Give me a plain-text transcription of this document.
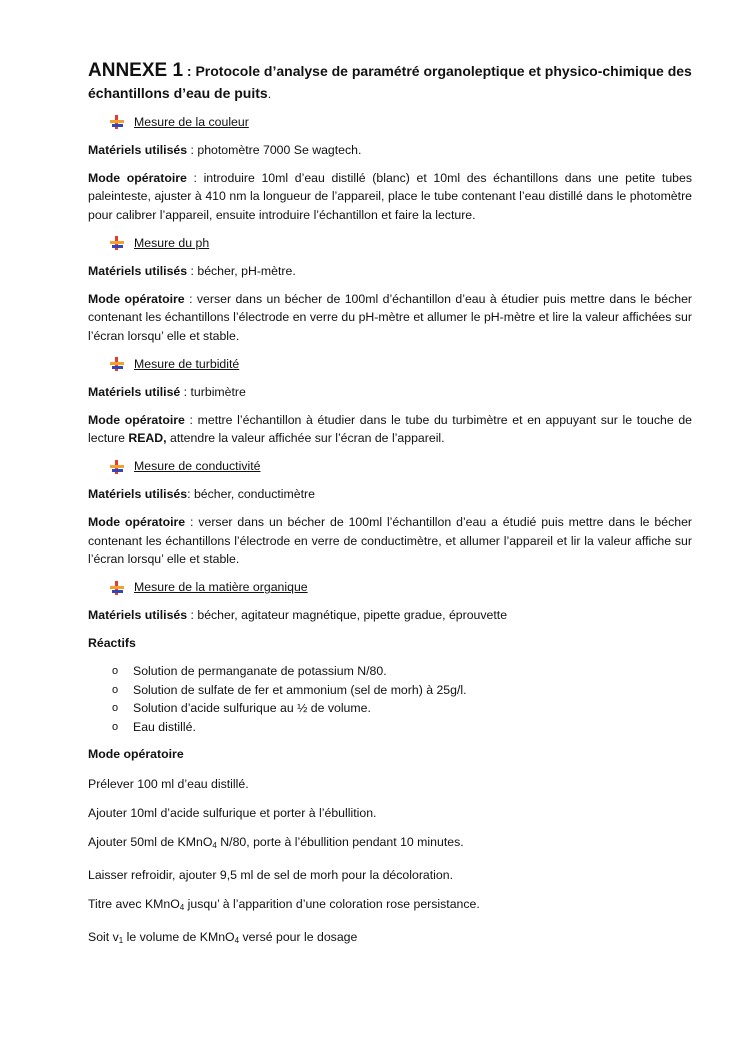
ANNEXE 1 : Protocole d’analyse de paramétré organoleptique et physico-chimique des échantillons d’eau de puits.
Mesure de la couleur

Matériels utilisés : photomètre 7000 Se wagtech.

Mode opératoire : introduire 10ml d’eau distillé (blanc) et 10ml des échantillons dans une petite tubes paleinteste, ajuster à 410 nm la longueur de l’appareil, place le tube contenant l’eau distillé dans le photomètre pour calibrer l’appareil, ensuite introduire l’échantillon et faire la lecture.

Mesure du ph

Matériels utilisés : bécher, pH-mètre.

Mode opératoire : verser dans un bécher de 100ml d’échantillon d’eau à étudier puis mettre dans le bécher contenant les échantillons l’électrode en verre du pH-mètre et allumer le pH-mètre et lire la valeur affichées sur l’écran lorsqu’ elle et stable.

Mesure de turbidité

Matériels utilisé : turbimètre

Mode opératoire : mettre l’échantillon à étudier dans le tube du turbimètre et en appuyant sur le touche de lecture READ, attendre la valeur affichée sur l’écran de l’appareil.

Mesure de conductivité

Matériels utilisés: bécher, conductimètre

Mode opératoire : verser dans un bécher de 100ml l’échantillon d’eau a étudié puis mettre dans le bécher contenant les échantillons l’électrode en verre de conductimètre, et allumer l’appareil et lir la valeur affiche sur l’écran lorsqu’ elle et stable.

Mesure de la matière organique

Matériels utilisés : bécher, agitateur magnétique, pipette gradue, éprouvette

Réactifs

o	Solution de permanganate de potassium N/80.
o	Solution de sulfate de fer et ammonium (sel de morh) à 25g/l.
o	Solution d’acide sulfurique au ½ de volume.
o	Eau distillé.

Mode opératoire

Prélever 100 ml d’eau distillé.

Ajouter 10ml d’acide sulfurique et porter à l’ébullition.

Ajouter 50ml de KMnO$_4$ N/80, porte à l’ébullition pendant 10 minutes.

Laisser refroidir, ajouter 9,5 ml de sel de morh pour la décoloration.

Titre avec KMnO$_4$ jusqu’ à l’apparition d’une coloration rose persistance.

Soit $v_1$ le volume de KMnO$_4$ versé pour le dosage
